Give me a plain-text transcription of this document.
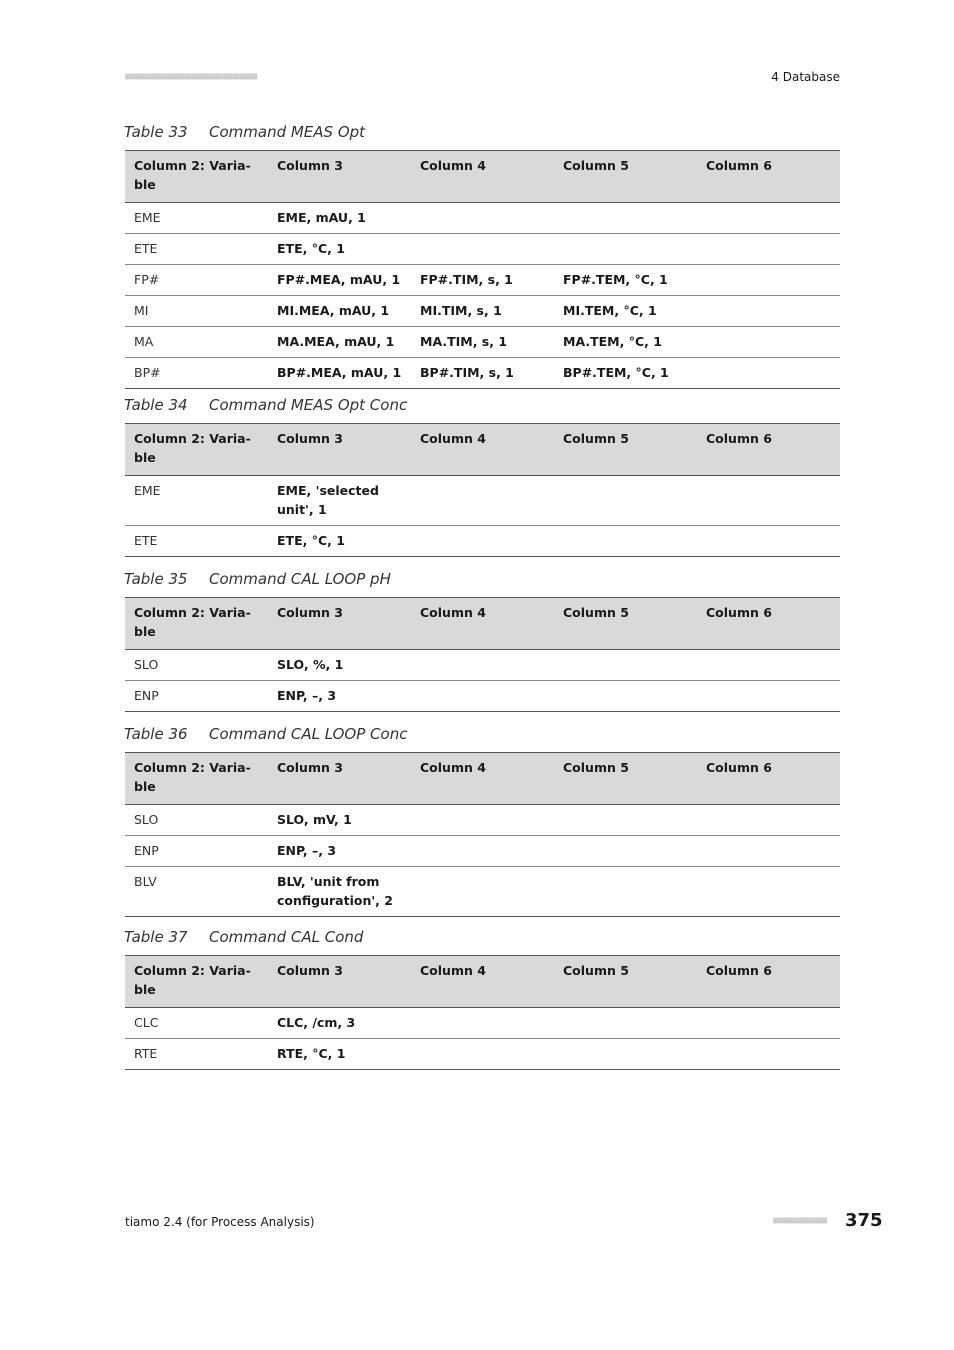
■■■■■■■■■■■■■■■■■■■■■■	4 Database
Table 33 Command MEAS Opt
Column 2: Varia-
ble	Column 3	Column 4	Column 5	Column 6
EME	EME, mAU, 1			
ETE	ETE, °C, 1			
FP#	FP#.MEA, mAU, 1	FP#.TIM, s, 1	FP#.TEM, °C, 1	
MI	MI.MEA, mAU, 1	MI.TIM, s, 1	MI.TEM, °C, 1	
MA	MA.MEA, mAU, 1	MA.TIM, s, 1	MA.TEM, °C, 1	
BP#	BP#.MEA, mAU, 1	BP#.TIM, s, 1	BP#.TEM, °C, 1	
Table 34 Command MEAS Opt Conc
Column 2: Varia-
ble	Column 3	Column 4	Column 5	Column 6
EME	EME, 'selected
unit', 1			
ETE	ETE, °C, 1			
Table 35 Command CAL LOOP pH
Column 2: Varia-
ble	Column 3	Column 4	Column 5	Column 6
SLO	SLO, %, 1			
ENP	ENP, –, 3			
Table 36 Command CAL LOOP Conc
Column 2: Varia-
ble	Column 3	Column 4	Column 5	Column 6
SLO	SLO, mV, 1			
ENP	ENP, –, 3			
BLV	BLV, 'unit from
configuration', 2			
Table 37 Command CAL Cond
Column 2: Varia-
ble	Column 3	Column 4	Column 5	Column 6
CLC	CLC, /cm, 3			
RTE	RTE, °C, 1			
tiamo 2.4 (for Process Analysis)	■■■■■■■■■ 375
